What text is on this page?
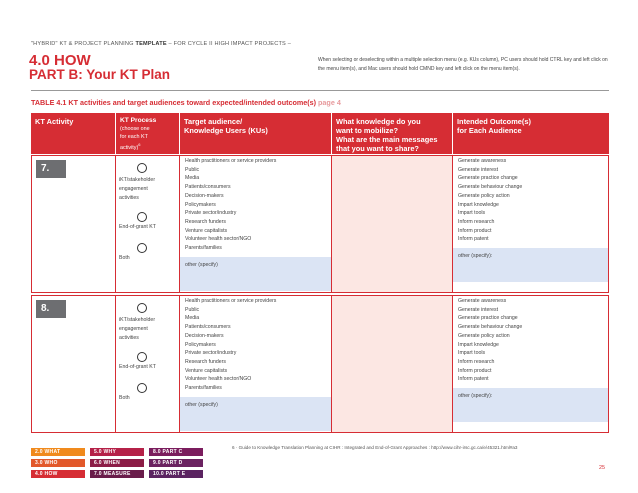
"HYBRID" KT & PROJECT PLANNING TEMPLATE – FOR CYCLE II HIGH IMPACT PROJECTS –
4.0 HOW
PART B: Your KT Plan
When selecting or deselecting within a multiple selection menu (e.g. KUs column), PC users should hold CTRL key and left click on the menu item(s), and Mac users should hold CMND key and left click on the menu item(s).
TABLE 4.1 KT activities and target audiences toward expected/intended outcome(s) page 4
KT Activity	KT Process
(choose one
for each KT
activity)$^6$
Target audience/
Knowledge Users (KUs)
What knowledge do you
want to mobilize?
What are the main messages
that you want to share?
Intended Outcome(s)
for Each Audience
7.
iKT/stakeholder
engagement
activities
End-of-grant KT
Both
Health practitioners or service providers
Public
Media
Patients/consumers
Decision-makers
Policymakers
Private sector/industry
Research funders
Venture capitalists
Volunteer health sector/NGO
Parents/families
other (specify)
Generate awareness
Generate interest
Generate practice change
Generate behaviour change
Generate policy action
Impart knowledge
Impart tools
Inform research
Inform product
Inform patent
other (specify):
8.
iKT/stakeholder
engagement
activities
End-of-grant KT
Both
Health practitioners or service providers
Public
Media
Patients/consumers
Decision-makers
Policymakers
Private sector/industry
Research funders
Venture capitalists
Volunteer health sector/NGO
Parents/families
other (specify)
Generate awareness
Generate interest
Generate practice change
Generate behaviour change
Generate policy action
Impart knowledge
Impart tools
Inform research
Inform product
Inform patent
other (specify):
2.0 WHAT
3.0 WHO
4.0 HOW
5.0 WHY
6.0 WHEN
7.0 MEASURE
8.0 PART C
9.0 PART D
10.0 PART E
6 · Guide to Knowledge Translation Planning at CIHR : Integrated and End-of-Grant Approaches : http://www.cihr-irsc.gc.ca/e/45321.html#a3
25
